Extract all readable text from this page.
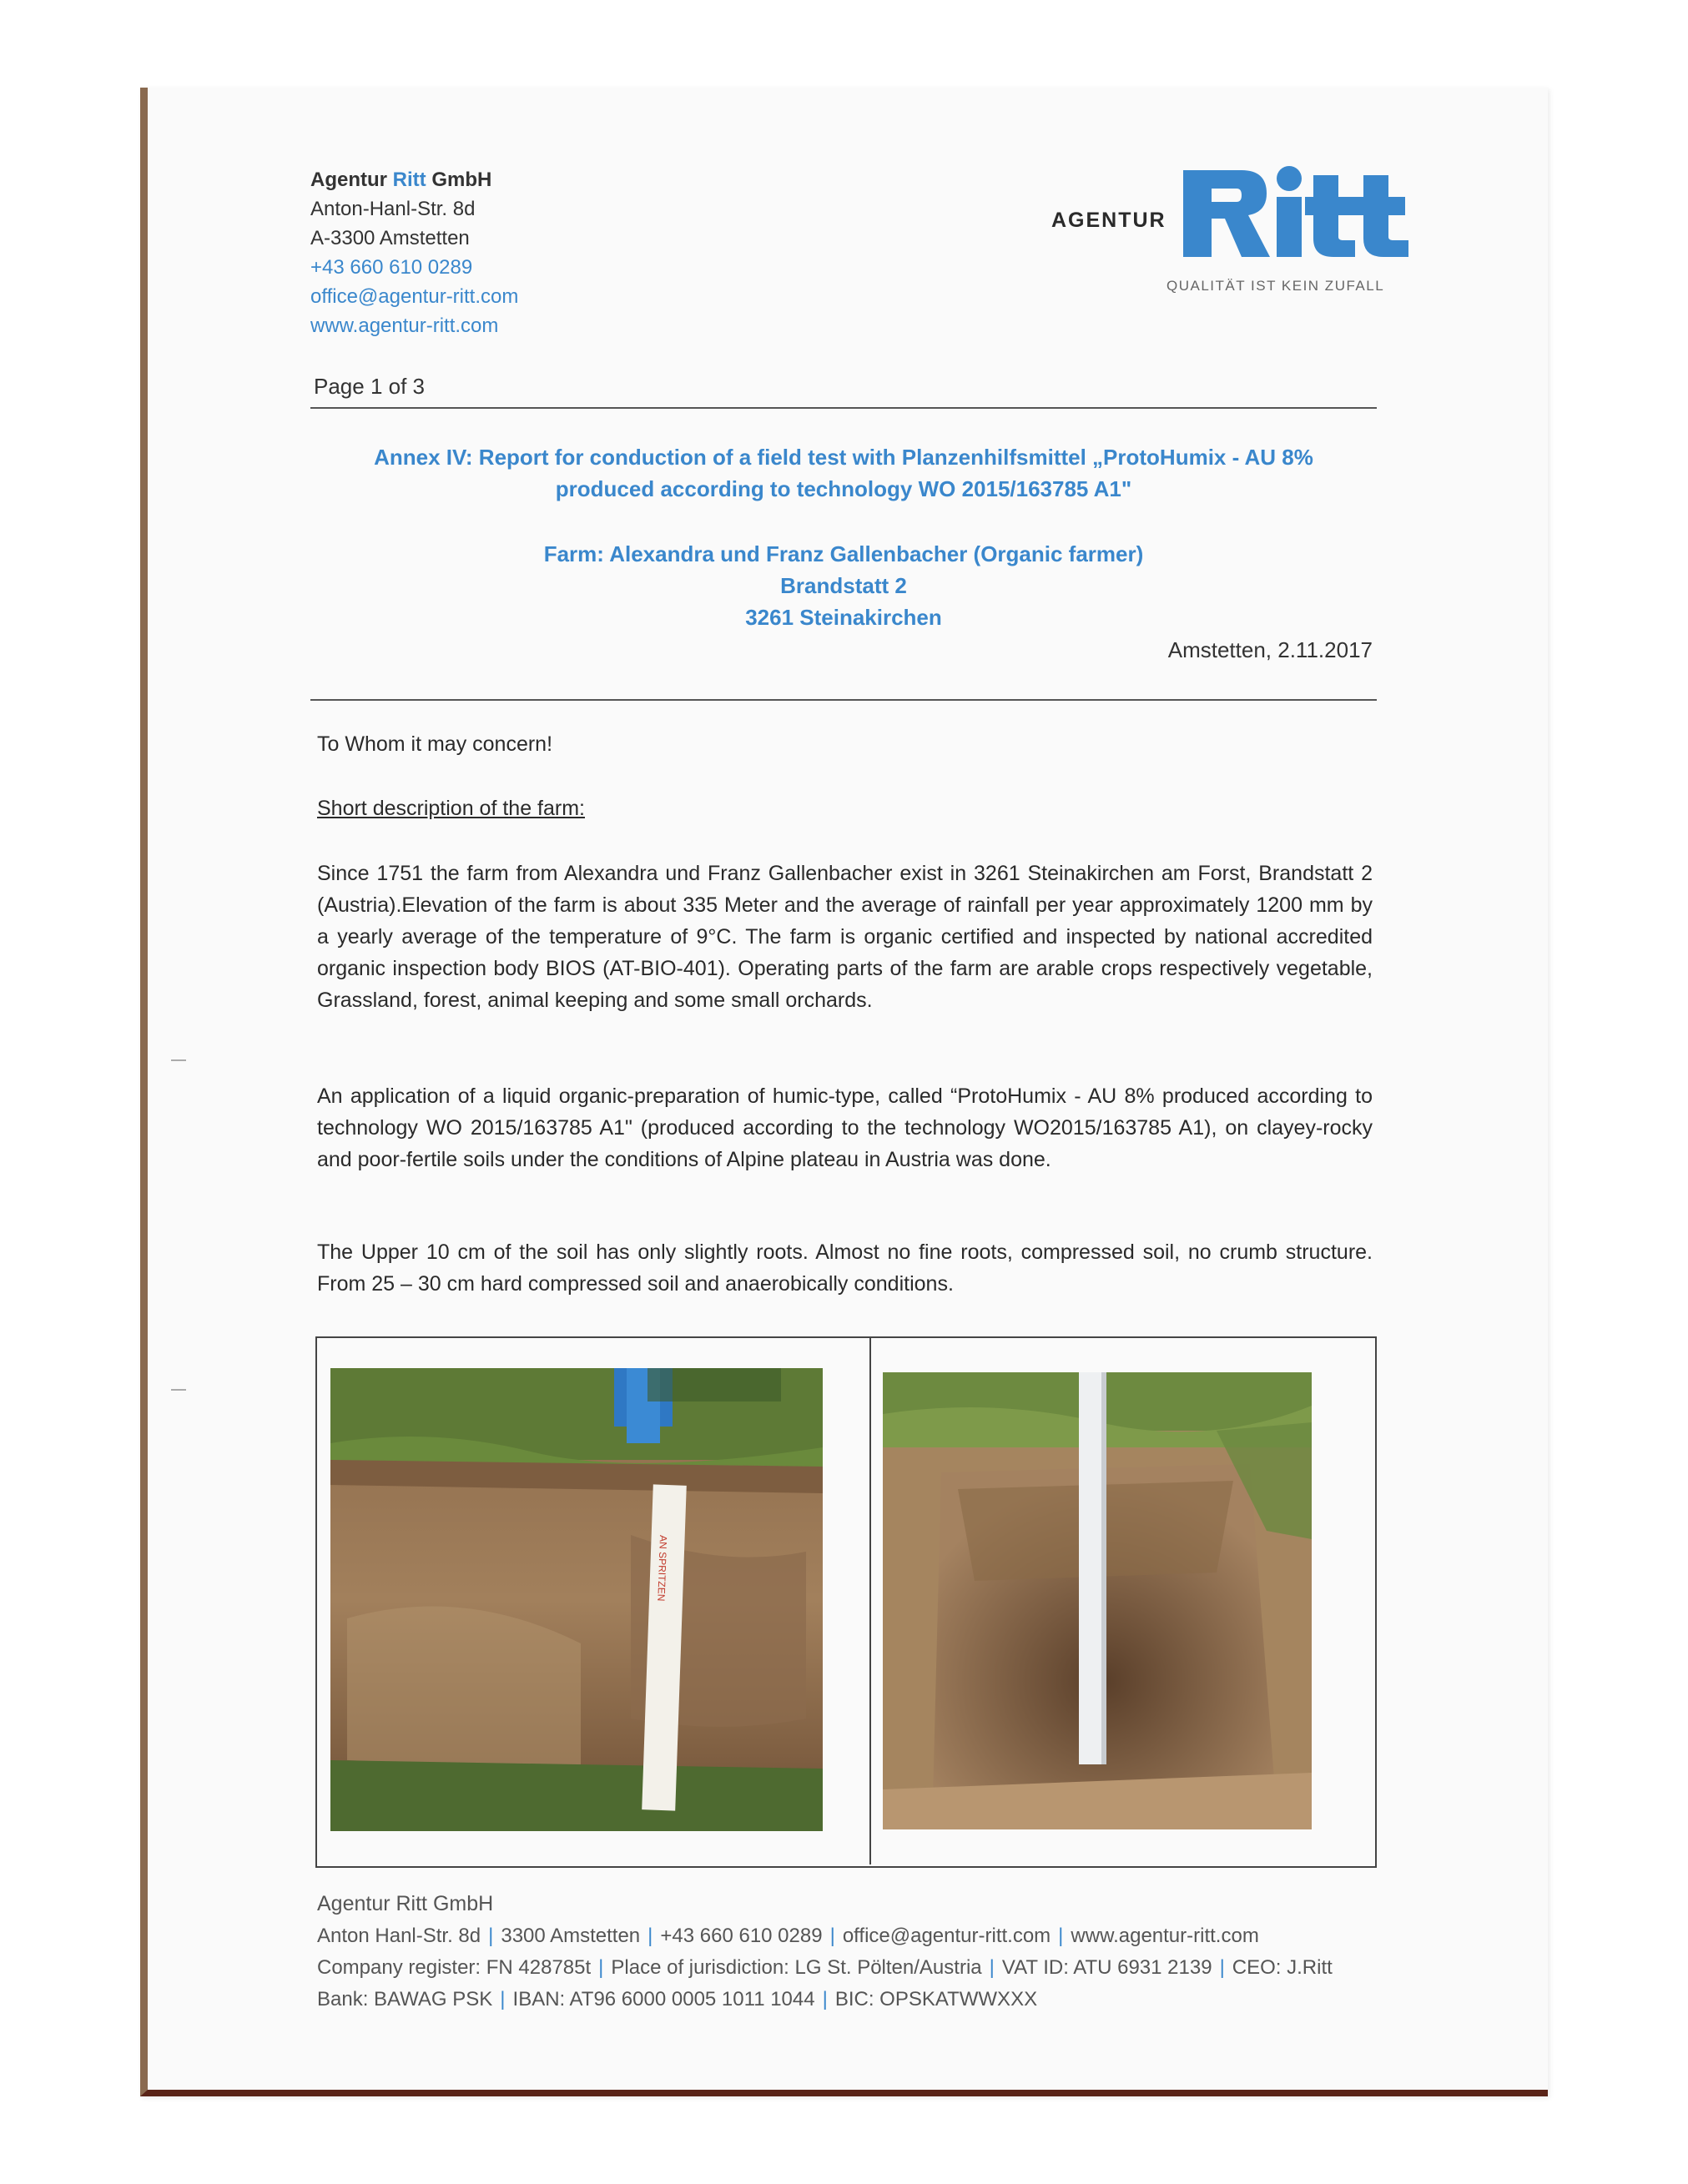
Agentur Ritt GmbH
Anton-Hanl-Str. 8d
A-3300 Amstetten
+43 660 610 0289
office@agentur-ritt.com
www.agentur-ritt.com
AGENTUR
QUALITÄT IST KEIN ZUFALL
Page 1 of 3
Annex IV: Report for conduction of a field test with Planzenhilfsmittel „ProtoHumix - AU 8%
produced according to technology WO 2015/163785 A1"
Farm: Alexandra und Franz Gallenbacher (Organic farmer)
Brandstatt 2
3261 Steinakirchen
Amstetten, 2.11.2017
To Whom it may concern!
Short description of the farm:
Since 1751 the farm from Alexandra und Franz Gallenbacher exist in 3261 Steinakirchen am Forst, Brandstatt 2 (Austria).Elevation of the farm is about 335 Meter and the average of rainfall per year approximately 1200 mm by a yearly average of the temperature of 9°C. The farm is organic certified and inspected by national accredited organic inspection body BIOS (AT-BIO-401). Operating parts of the farm are arable crops respectively vegetable, Grassland, forest, animal keeping and some small orchards.
An application of a liquid organic-preparation of humic-type, called “ProtoHumix - AU 8% produced according to technology WO 2015/163785 A1" (produced according to the technology WO2015/163785 A1), on clayey-rocky and poor-fertile soils under the conditions of Alpine plateau in Austria was done.
The Upper 10 cm of the soil has only slightly roots. Almost no fine roots, compressed soil, no crumb structure. From 25 – 30 cm hard compressed soil and anaerobically conditions.
AN SPRITZEN
Agentur Ritt GmbH
Anton Hanl-Str. 8d | 3300 Amstetten | +43 660 610 0289 | office@agentur-ritt.com | www.agentur-ritt.com
Company register: FN 428785t | Place of jurisdiction: LG St. Pölten/Austria | VAT ID: ATU 6931 2139 | CEO: J.Ritt
Bank: BAWAG PSK | IBAN: AT96 6000 0005 1011 1044 | BIC: OPSKATWWXXX
